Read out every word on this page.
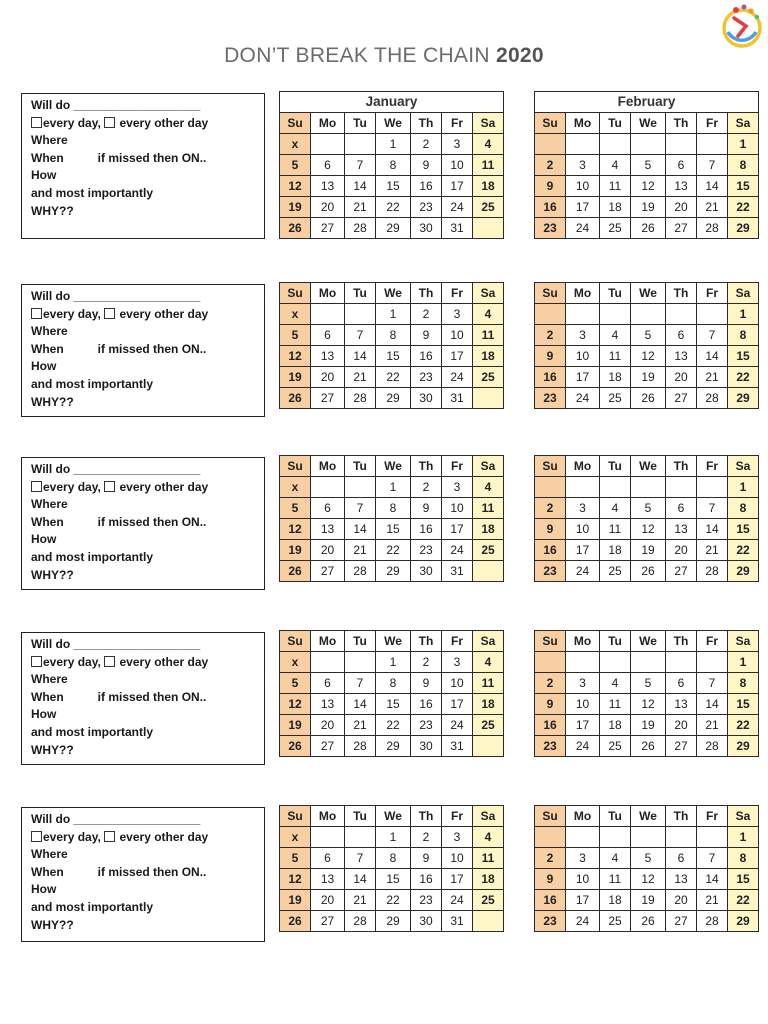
DON’T BREAK THE CHAIN 2020
Will do ___________________
every day,  every other day
Where
When	if missed then ON..
How
and most importantly
WHY??
January						
Su	Mo	Tu	We	Th	Fr	Sa
x			1	2	3	4
5	6	7	8	9	10	11
12	13	14	15	16	17	18
19	20	21	22	23	24	25
26	27	28	29	30	31	
February						
Su	Mo	Tu	We	Th	Fr	Sa
						1
2	3	4	5	6	7	8
9	10	11	12	13	14	15
16	17	18	19	20	21	22
23	24	25	26	27	28	29
Will do ___________________
every day,  every other day
Where
When	if missed then ON..
How
and most importantly
WHY??
Su	Mo	Tu	We	Th	Fr	Sa
x			1	2	3	4
5	6	7	8	9	10	11
12	13	14	15	16	17	18
19	20	21	22	23	24	25
26	27	28	29	30	31	
Su	Mo	Tu	We	Th	Fr	Sa
						1
2	3	4	5	6	7	8
9	10	11	12	13	14	15
16	17	18	19	20	21	22
23	24	25	26	27	28	29
Will do ___________________
every day,  every other day
Where
When	if missed then ON..
How
and most importantly
WHY??
Su	Mo	Tu	We	Th	Fr	Sa
x			1	2	3	4
5	6	7	8	9	10	11
12	13	14	15	16	17	18
19	20	21	22	23	24	25
26	27	28	29	30	31	
Su	Mo	Tu	We	Th	Fr	Sa
						1
2	3	4	5	6	7	8
9	10	11	12	13	14	15
16	17	18	19	20	21	22
23	24	25	26	27	28	29
Will do ___________________
every day,  every other day
Where
When	if missed then ON..
How
and most importantly
WHY??
Su	Mo	Tu	We	Th	Fr	Sa
x			1	2	3	4
5	6	7	8	9	10	11
12	13	14	15	16	17	18
19	20	21	22	23	24	25
26	27	28	29	30	31	
Su	Mo	Tu	We	Th	Fr	Sa
						1
2	3	4	5	6	7	8
9	10	11	12	13	14	15
16	17	18	19	20	21	22
23	24	25	26	27	28	29
Will do ___________________
every day,  every other day
Where
When	if missed then ON..
How
and most importantly
WHY??
Su	Mo	Tu	We	Th	Fr	Sa
x			1	2	3	4
5	6	7	8	9	10	11
12	13	14	15	16	17	18
19	20	21	22	23	24	25
26	27	28	29	30	31	
Su	Mo	Tu	We	Th	Fr	Sa
						1
2	3	4	5	6	7	8
9	10	11	12	13	14	15
16	17	18	19	20	21	22
23	24	25	26	27	28	29
